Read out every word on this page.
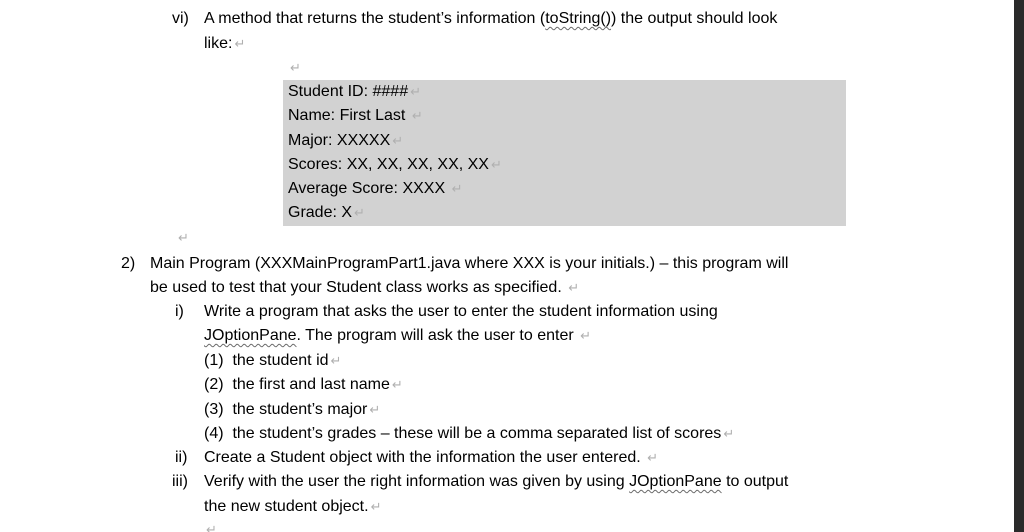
vi) A method that returns the student’s information (toString()) the output should look
like: ↵
↵
Student ID: #### ↵
Name: First Last ↵
Major: XXXXX ↵
Scores: XX, XX, XX, XX, XX ↵
Average Score: XXXX ↵
Grade: X ↵
↵
2) Main Program (XXXMainProgramPart1.java where XXX is your initials.) – this program will
be used to test that your Student class works as specified. ↵
i) Write a program that asks the user to enter the student information using
JOptionPane. The program will ask the user to enter ↵
(1) the student id ↵
(2) the first and last name ↵
(3) the student’s major ↵
(4) the student’s grades – these will be a comma separated list of scores ↵
ii) Create a Student object with the information the user entered. ↵
iii) Verify with the user the right information was given by using JOptionPane to output
the new student object. ↵
↵
